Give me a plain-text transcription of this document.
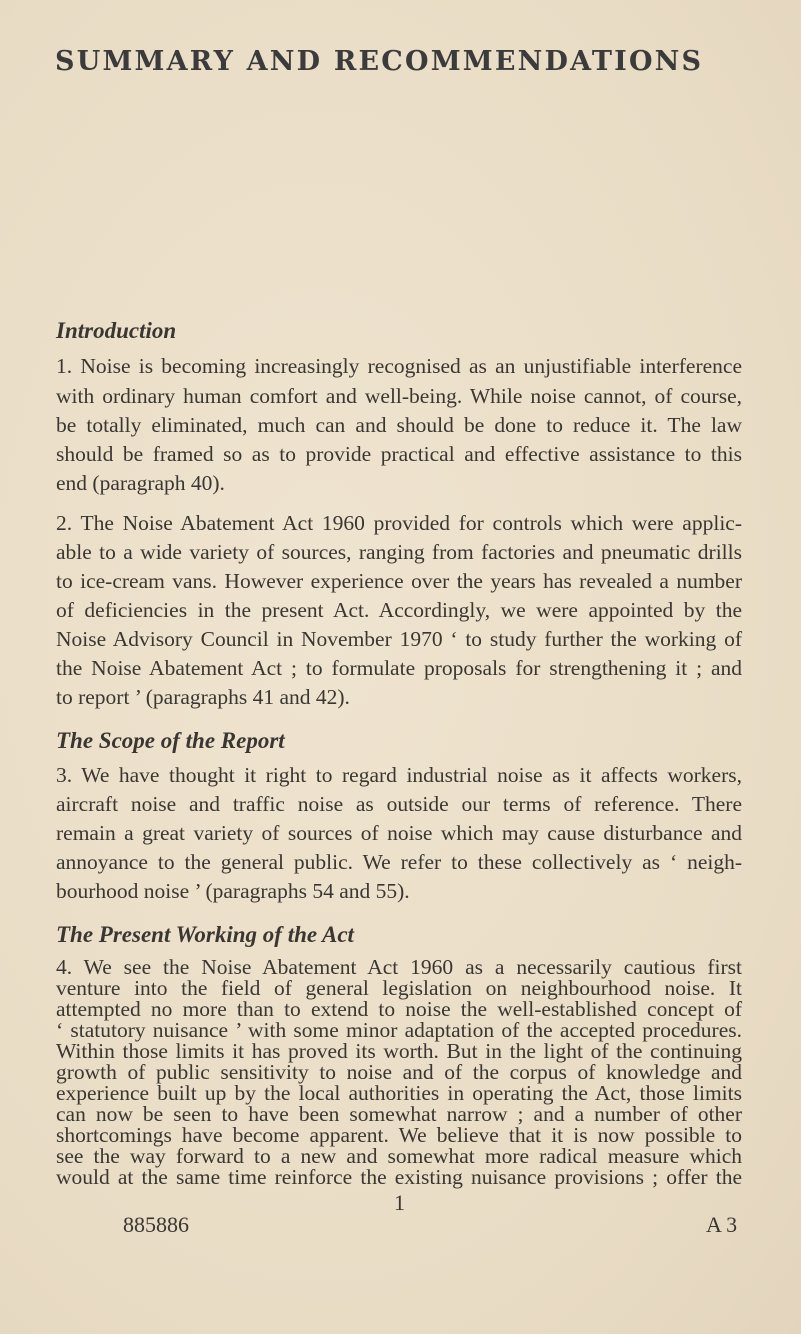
SUMMARY AND RECOMMENDATIONS
Introduction
1. Noise is becoming increasingly recognised as an unjustifiable interference
with ordinary human comfort and well-being. While noise cannot, of course,
be totally eliminated, much can and should be done to reduce it. The law
should be framed so as to provide practical and effective assistance to this
end (paragraph 40).
2. The Noise Abatement Act 1960 provided for controls which were applic-
able to a wide variety of sources, ranging from factories and pneumatic drills
to ice-cream vans. However experience over the years has revealed a number
of deficiencies in the present Act. Accordingly, we were appointed by the
Noise Advisory Council in November 1970 ‘ to study further the working of
the Noise Abatement Act ; to formulate proposals for strengthening it ; and
to report ’ (paragraphs 41 and 42).
The Scope of the Report
3. We have thought it right to regard industrial noise as it affects workers,
aircraft noise and traffic noise as outside our terms of reference. There
remain a great variety of sources of noise which may cause disturbance and
annoyance to the general public. We refer to these collectively as ‘ neigh-
bourhood noise ’ (paragraphs 54 and 55).
The Present Working of the Act
4. We see the Noise Abatement Act 1960 as a necessarily cautious first
venture into the field of general legislation on neighbourhood noise. It
attempted no more than to extend to noise the well-established concept of
‘ statutory nuisance ’ with some minor adaptation of the accepted procedures.
Within those limits it has proved its worth. But in the light of the continuing
growth of public sensitivity to noise and of the corpus of knowledge and
experience built up by the local authorities in operating the Act, those limits
can now be seen to have been somewhat narrow ; and a number of other
shortcomings have become apparent. We believe that it is now possible to
see the way forward to a new and somewhat more radical measure which
would at the same time reinforce the existing nuisance provisions ; offer the
1
885886	A 3
